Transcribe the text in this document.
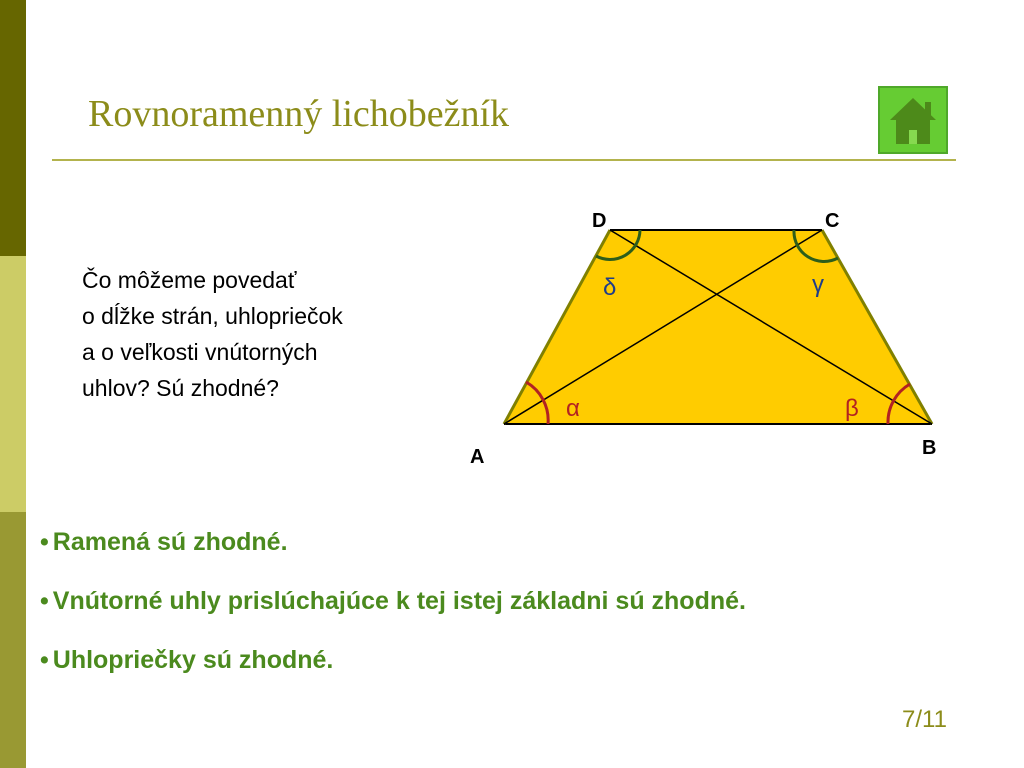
Rovnoramenný lichobežník
Čo môžeme povedať
o dĺžke strán, uhlopriečok
a o veľkosti vnútorných
uhlov? Sú zhodné?
α	β
γ
δ
A	B
C
D
• Ramená sú zhodné.
• Vnútorné uhly prislúchajúce k tej istej základni sú zhodné.
• Uhlopriečky sú zhodné.
7/11
